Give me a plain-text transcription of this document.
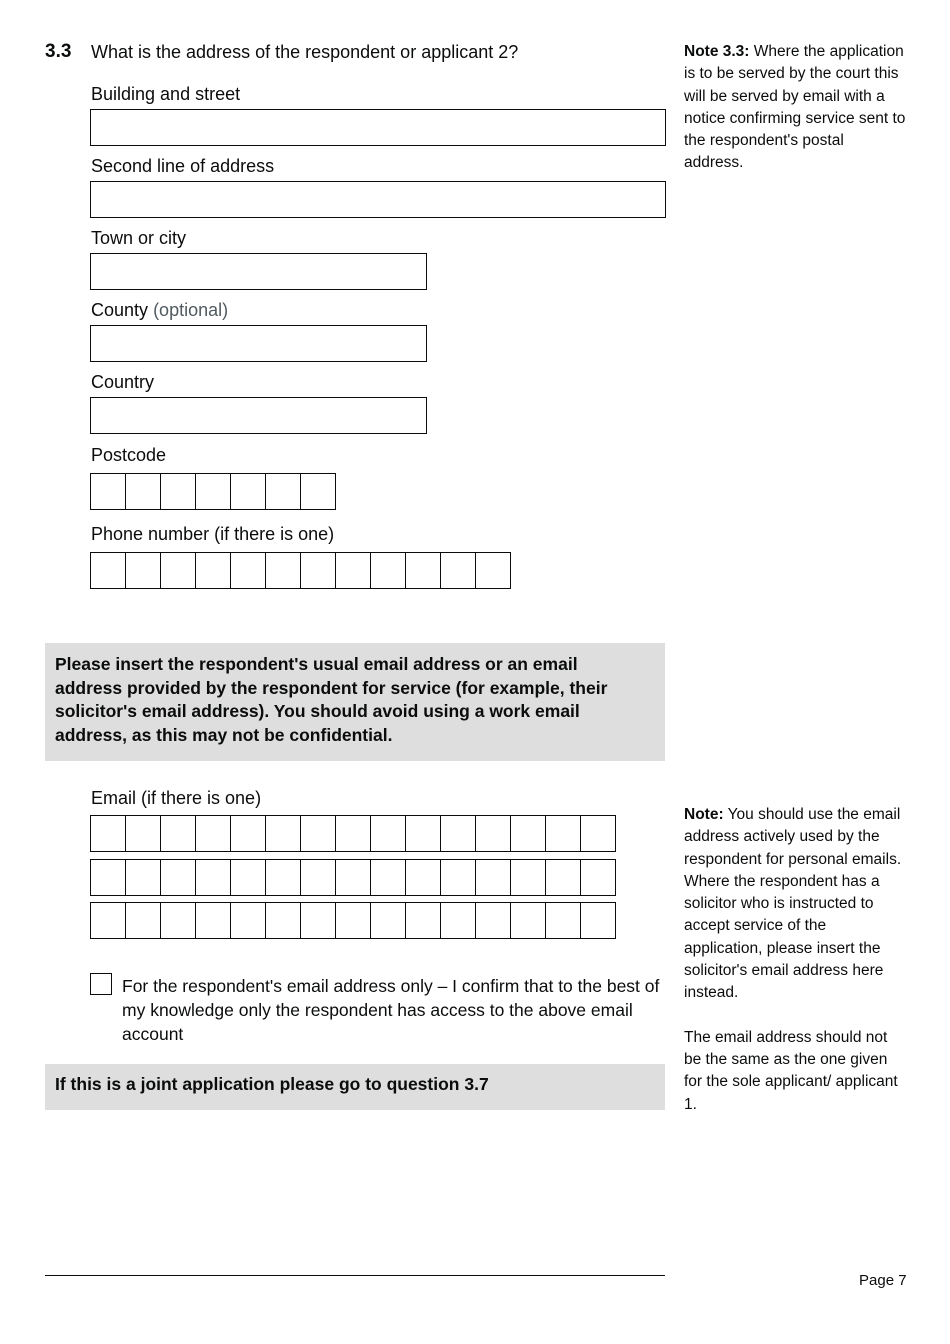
3.3 What is the address of the respondent or applicant 2?
Building and street
Second line of address
Town or city
County (optional)
Country
Postcode
Phone number (if there is one)
Note 3.3: Where the application is to be served by the court this will be served by email with a notice confirming service sent to the respondent's postal address.
Please insert the respondent's usual email address or an email address provided by the respondent for service (for example, their solicitor's email address). You should avoid using a work email address, as this may not be confidential.
Email (if there is one)
Note: You should use the email address actively used by the respondent for personal emails. Where the respondent has a solicitor who is instructed to accept service of the application, please insert the solicitor's email address here instead.
The email address should not be the same as the one given for the sole applicant/ applicant 1.
For the respondent's email address only – I confirm that to the best of my knowledge only the respondent has access to the above email account
If this is a joint application please go to question 3.7
Page 7
